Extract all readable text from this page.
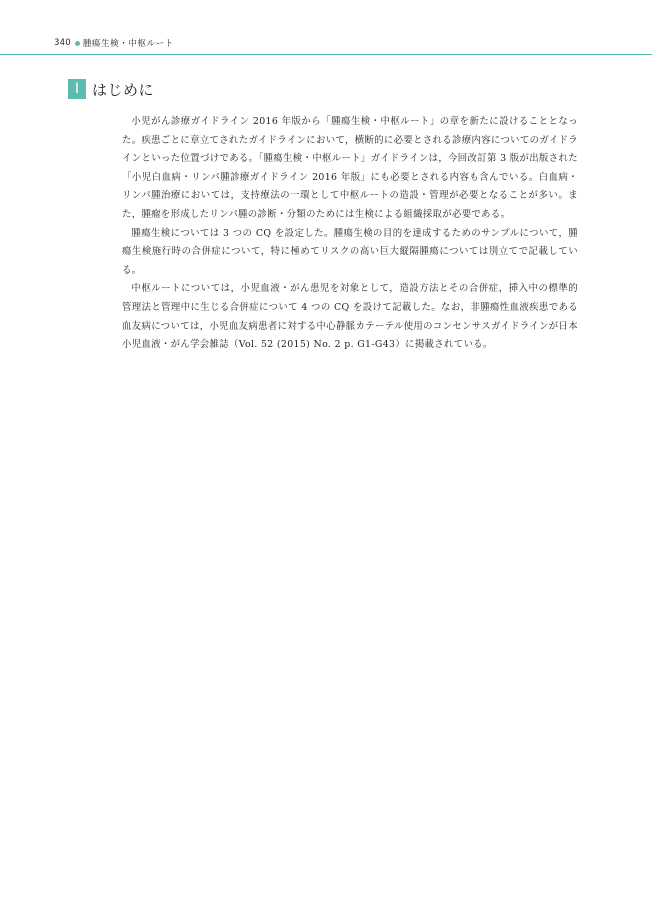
340 腫瘍生検・中枢ルート
I はじめに

小児がん診療ガイドライン 2016 年版から「腫瘍生検・中枢ルート」の章を新たに設けることとなった。疾患ごとに章立てされたガイドラインにおいて，横断的に必要とされる診療内容についてのガイドラインといった位置づけである。「腫瘍生検・中枢ルート」ガイドラインは，今回改訂第 3 版が出版された「小児白血病・リンパ腫診療ガイドライン 2016 年版」にも必要とされる内容も含んでいる。白血病・リンパ腫治療においては，支持療法の一環として中枢ルートの造設・管理が必要となることが多い。また，腫瘤を形成したリンパ腫の診断・分類のためには生検による組織採取が必要である。

腫瘍生検については 3 つの CQ を設定した。腫瘍生検の目的を達成するためのサンプルについて，腫瘍生検施行時の合併症について，特に極めてリスクの高い巨大縦隔腫瘍については別立てで記載している。

中枢ルートについては，小児血液・がん患児を対象として，造設方法とその合併症，挿入中の標準的管理法と管理中に生じる合併症について 4 つの CQ を設けて記載した。なお，非腫瘍性血液疾患である血友病については，小児血友病患者に対する中心静脈カテーテル使用のコンセンサスガイドラインが日本小児血液・がん学会雑誌（Vol. 52 (2015) No. 2 p. G1-G43）に掲載されている。
